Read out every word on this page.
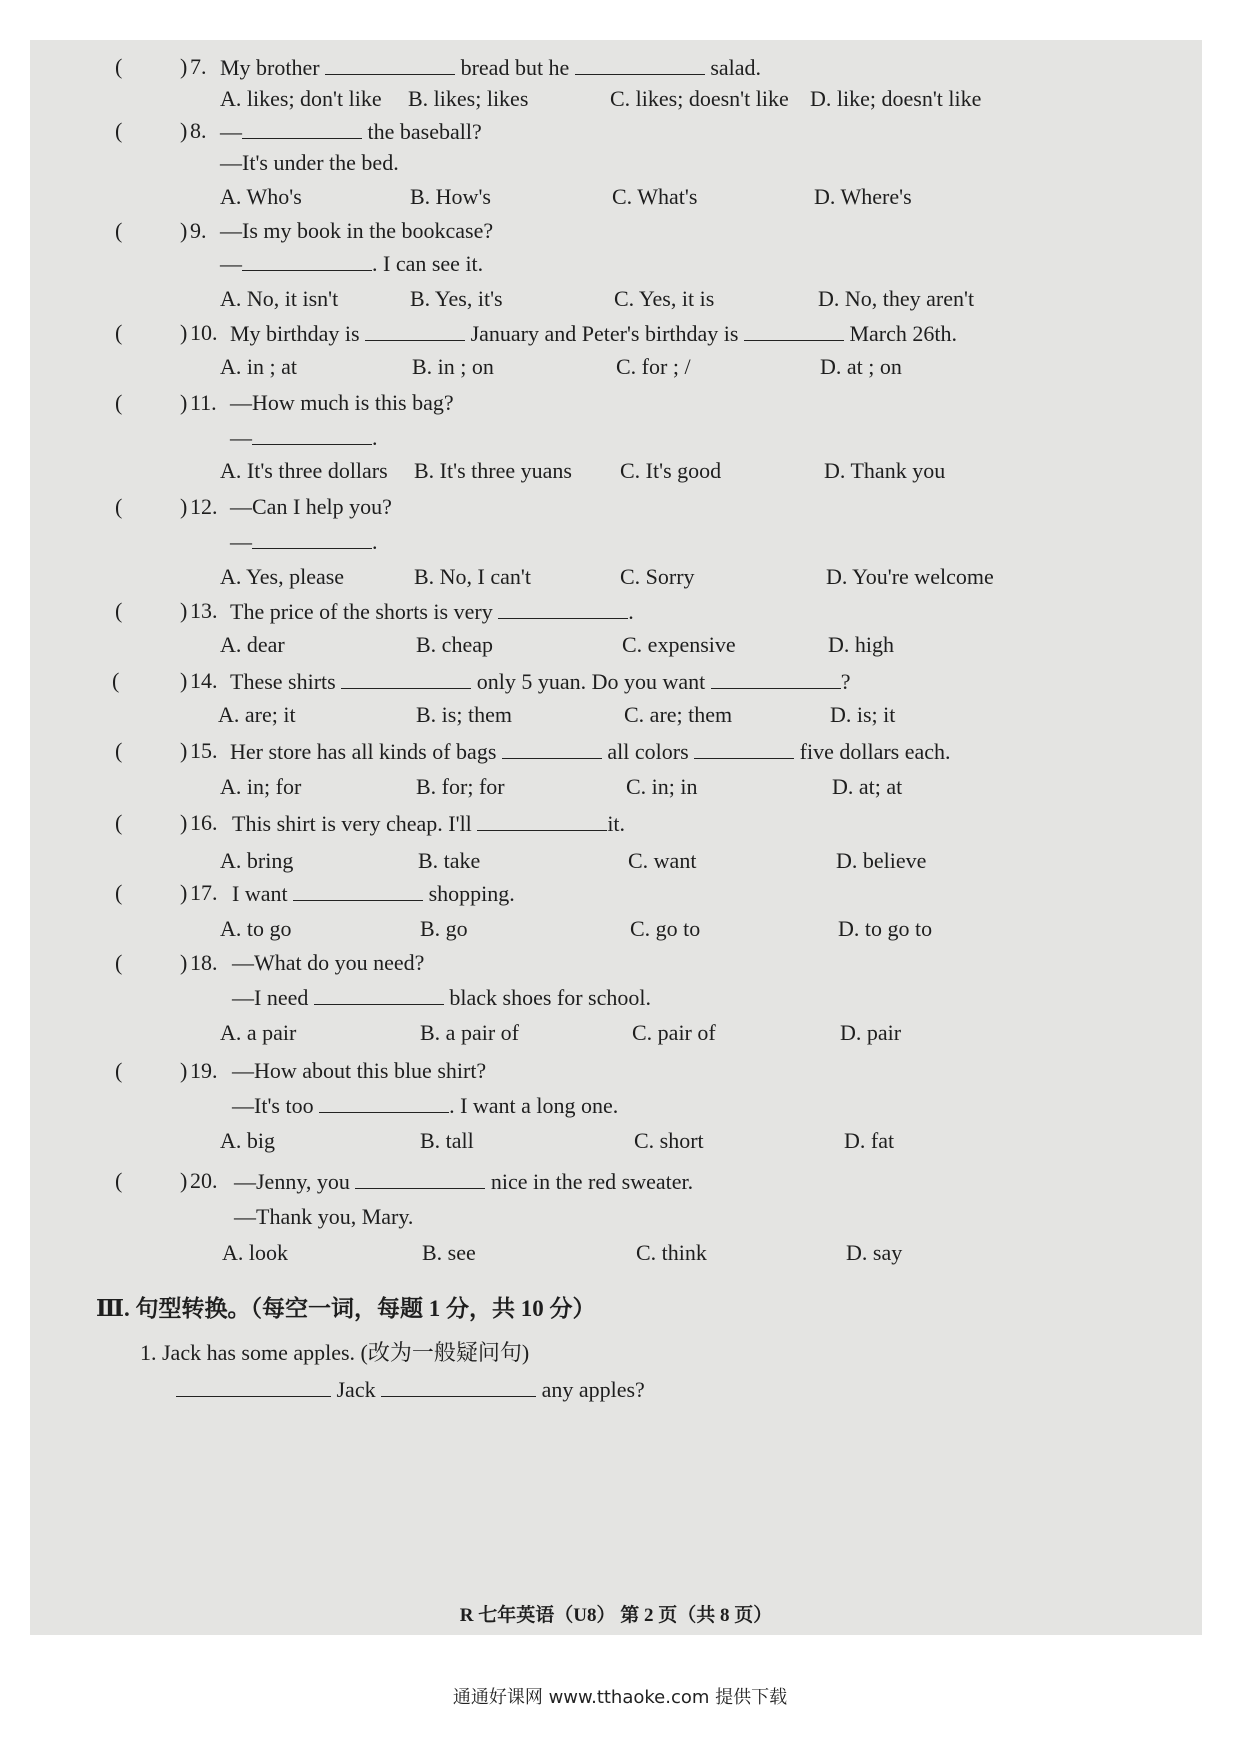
(	) 7. My brother	bread but he	salad.
A. likes; don't like B. likes; likes	C. likes; doesn't like D. like; doesn't like
(	) 8. —	the baseball?
—It's under the bed.
A. Who's	B. How's	C. What's	D. Where's
(	) 9. —Is my book in the bookcase?
—	. I can see it.
A. No, it isn't	B. Yes, it's	C. Yes, it is	D. No, they aren't
(	) 10. My birthday is	January and Peter's birthday is	March 26th.
A. in ; at	B. in ; on	C. for ; /	D. at ; on
(	) 11. —How much is this bag?
—	.
A. It's three dollars B. It's three yuans C. It's good	D. Thank you
(	) 12. —Can I help you?
—	.
A. Yes, please	B. No, I can't	C. Sorry	D. You're welcome
(	) 13. The price of the shorts is very	.
A. dear	B. cheap	C. expensive	D. high
(	) 14. These shirts	only 5 yuan. Do you want	?
A. are; it	B. is; them	C. are; them	D. is; it
(	) 15. Her store has all kinds of bags	all colors	five dollars each.
A. in; for	B. for; for	C. in; in	D. at; at
(	) 16. This shirt is very cheap. I'll	it.
A. bring	B. take	C. want	D. believe
(	) 17. I want	shopping.
A. to go	B. go	C. go to	D. to go to
(	) 18. —What do you need?
—I need	black shoes for school.
A. a pair	B. a pair of	C. pair of	D. pair
(	) 19. —How about this blue shirt?
—It's too	. I want a long one.
A. big	B. tall	C. short	D. fat
(	) 20. —Jenny, you	nice in the red sweater.
—Thank you, Mary.
A. look	B. see	C. think	D. say
Ⅲ. 句型转换。（每空一词，每题 1 分，共 10 分）
1. Jack has some apples. (改为一般疑问句)
Jack	any apples?
R 七年英语（U8） 第 2 页（共 8 页）
通通好课网 www.tthaoke.com 提供下载
